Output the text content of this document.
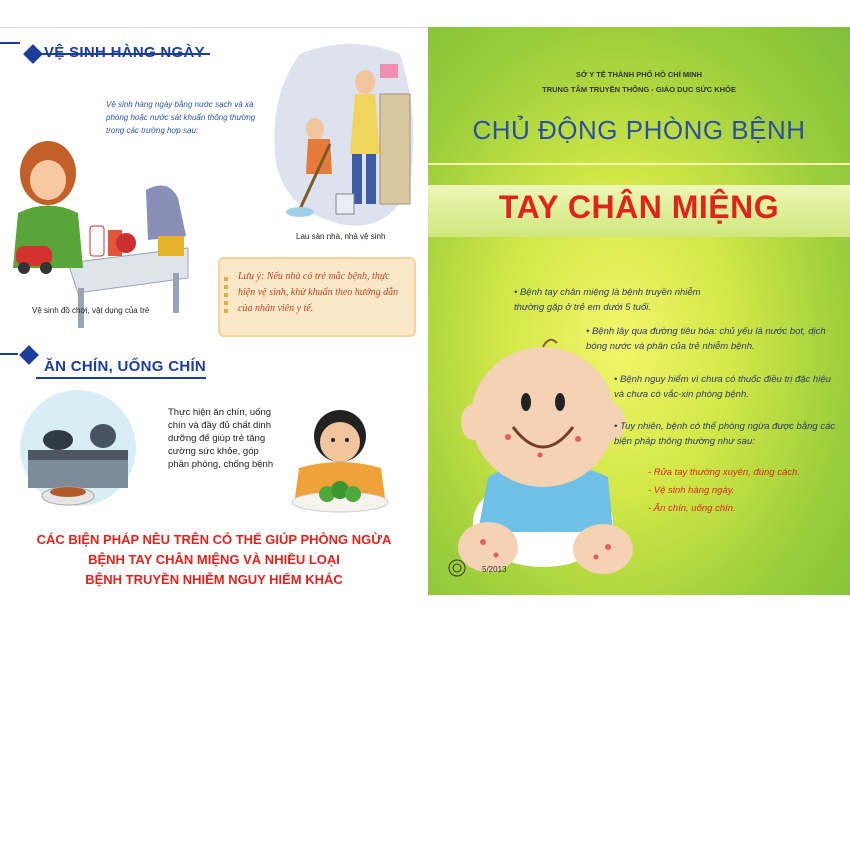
VỆ SINH HÀNG NGÀY
Vệ sinh hàng ngày bằng nước sạch và xà phòng hoặc nước sát khuẩn thông thường trong các trường hợp sau:
Vệ sinh đồ chơi, vật dụng của trẻ
Lau sàn nhà, nhà vệ sinh
Lưu ý: Nếu nhà có trẻ mắc bệnh, thực hiện vệ sinh, khử khuẩn theo hướng dẫn của nhân viên y tế.
ĂN CHÍN, UỐNG CHÍN
Thực hiện ăn chín, uống chín và đầy đủ chất dinh dưỡng để giúp trẻ tăng cường sức khỏe, góp phần phòng, chống bệnh
CÁC BIỆN PHÁP NÊU TRÊN CÓ THỂ GIÚP PHÒNG NGỪA
BỆNH TAY CHÂN MIỆNG VÀ NHIỀU LOẠI
BỆNH TRUYỀN NHIỄM NGUY HIỂM KHÁC
SỞ Y TẾ THÀNH PHỐ HỒ CHÍ MINH
TRUNG TÂM TRUYỀN THÔNG - GIÁO DỤC SỨC KHỎE
CHỦ ĐỘNG PHÒNG BỆNH
TAY CHÂN MIỆNG
• Bệnh tay chân miệng là bệnh truyền nhiễm thường gặp ở trẻ em dưới 5 tuổi.
• Bệnh lây qua đường tiêu hóa: chủ yếu là nước bọt, dịch bóng nước và phân của trẻ nhiễm bệnh.
• Bệnh nguy hiểm vì chưa có thuốc điều trị đặc hiệu và chưa có vắc-xin phòng bệnh.
• Tuy nhiên, bệnh có thể phòng ngừa được bằng các biện pháp thông thường như sau:
- Rửa tay thường xuyên, đúng cách.
- Vệ sinh hàng ngày.
- Ăn chín, uống chín.
5/2013
